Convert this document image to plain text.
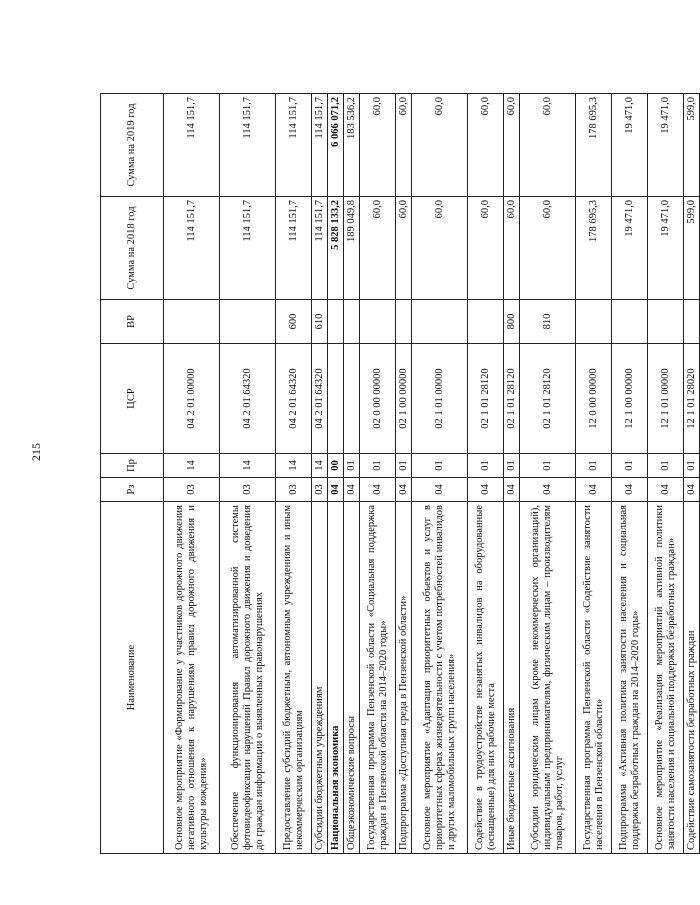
215
Наименование	Рз	Пр	ЦСР	ВР	Сумма на 2018 год	Сумма на 2019 год
Основное мероприятие «Формирование у участников дорожного движения негативного отношения к нарушениям правил дорожного движения и культуры вождения»	03	14	04 2 01 00000		114 151,7	114 151,7
Обеспечение функционирования автоматизированной системы фотовидеофиксации нарушений Правил дорожного движения и доведения до граждан информации о выявленных правонарушениях	03	14	04 2 01 64320		114 151,7	114 151,7
Предоставление субсидий бюджетным, автономным учреждениям и иным некоммерческим организациям	03	14	04 2 01 64320	600	114 151,7	114 151,7
Субсидии бюджетным учреждениям	03	14	04 2 01 64320	610	114 151,7	114 151,7
Национальная экономика	04	00			5 828 133,2	6 066 071,2
Общеэкономические вопросы	04	01			189 049,8	183 536,2
Государственная программа Пензенской области «Социальная поддержка граждан в Пензенской области на 2014–2020 годы»	04	01	02 0 00 00000		60,0	60,0
Подпрограмма «Доступная среда в Пензенской области»	04	01	02 1 00 00000		60,0	60,0
Основное мероприятие «Адаптация приоритетных объектов и услуг в приоритетных сферах жизнедеятельности с учетом потребностей инвалидов и других маломобильных групп населения»	04	01	02 1 01 00000		60,0	60,0
Содействие в трудоустройстве незанятых инвалидов на оборудованные (оснащенные) для них рабочие места	04	01	02 1 01 28120		60,0	60,0
Иные бюджетные ассигнования	04	01	02 1 01 28120	800	60,0	60,0
Субсидии юридическим лицам (кроме некоммерческих организаций), индивидуальным предпринимателям, физическим лицам – производителям товаров, работ, услуг	04	01	02 1 01 28120	810	60,0	60,0
Государственная программа Пензенской области «Содействие занятости населения в Пензенской области»	04	01	12 0 00 00000		178 695,3	178 695,3
Подпрограмма «Активная политика занятости населения и социальная поддержка безработных граждан на 2014–2020 годы»	04	01	12 1 00 00000		19 471,0	19 471,0
Основное мероприятие «Реализация мероприятий активной политики занятости населения и социальной поддержки безработных граждан»	04	01	12 1 01 00000		19 471,0	19 471,0
Содействие самозанятости безработных граждан	04	01	12 1 01 28020		599,0	599,0
